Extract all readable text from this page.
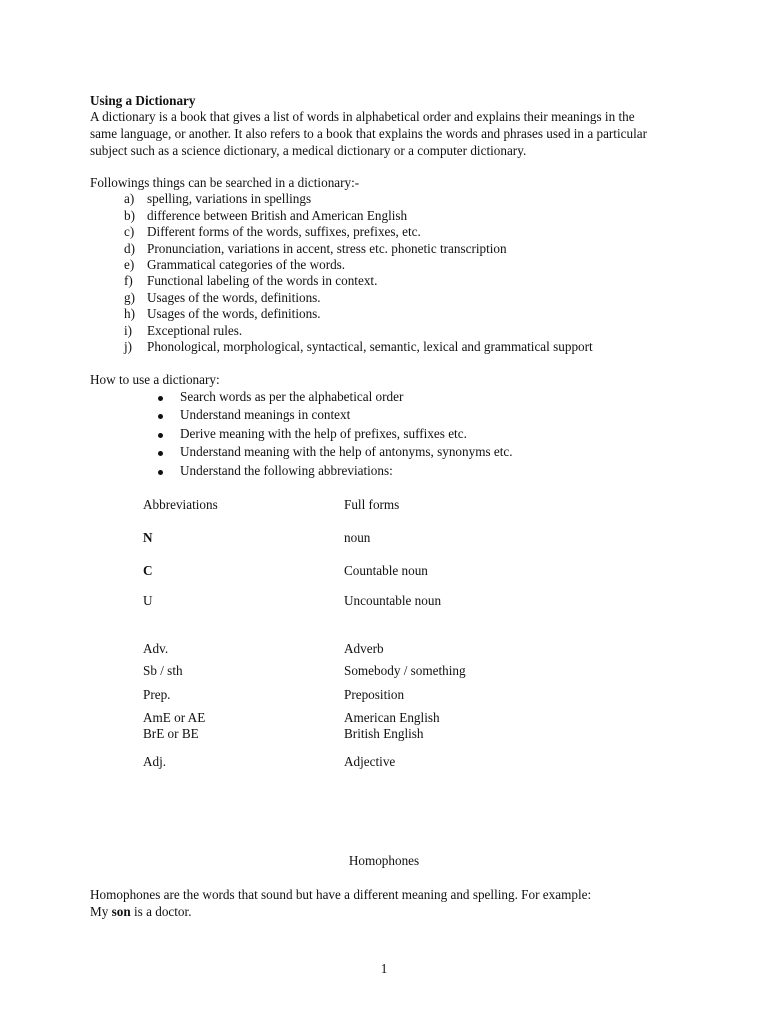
Using a Dictionary
A dictionary is a book that gives a list of words in alphabetical order and explains their meanings in the
same language, or another. It also refers to a book that explains the words and phrases used in a particular
subject such as a science dictionary, a medical dictionary or a computer dictionary.
Followings things can be searched in a dictionary:-
a) spelling, variations in spellings
b) difference between British and American English
c) Different forms of the words, suffixes, prefixes, etc.
d) Pronunciation, variations in accent, stress etc. phonetic transcription
e) Grammatical categories of the words.
f) Functional labeling of the words in context.
g) Usages of the words, definitions.
h) Usages of the words, definitions.
i) Exceptional rules.
j) Phonological, morphological, syntactical, semantic, lexical and grammatical support
How to use a dictionary:
Search words as per the alphabetical order
Understand meanings in context
Derive meaning with the help of prefixes, suffixes etc.
Understand meaning with the help of antonyms, synonyms etc.
Understand the following abbreviations:
Abbreviations	Full forms
N	noun
C	Countable noun
U	Uncountable noun
Adv.	Adverb
Sb / sth	Somebody / something
Prep.	Preposition
AmE or AE	American English
BrE or BE	British English
Adj.	Adjective
Homophones
Homophones are the words that sound but have a different meaning and spelling. For example:
My son is a doctor.
1
